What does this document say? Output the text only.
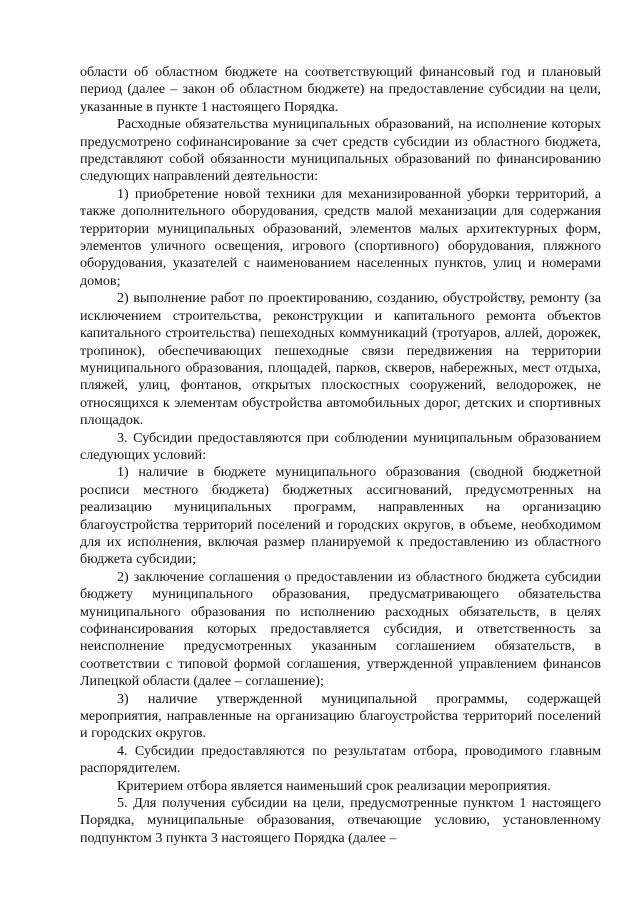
области об областном бюджете на соответствующий финансовый год и плановый период (далее – закон об областном бюджете) на предоставление субсидии на цели, указанные в пункте 1 настоящего Порядка.

Расходные обязательства муниципальных образований, на исполнение которых предусмотрено софинансирование за счет средств субсидии из областного бюджета, представляют собой обязанности муниципальных образований по финансированию следующих направлений деятельности:

1) приобретение новой техники для механизированной уборки территорий, а также дополнительного оборудования, средств малой механизации для содержания территории муниципальных образований, элементов малых архитектурных форм, элементов уличного освещения, игрового (спортивного) оборудования, пляжного оборудования, указателей с наименованием населенных пунктов, улиц и номерами домов;

2) выполнение работ по проектированию, созданию, обустройству, ремонту (за исключением строительства, реконструкции и капитального ремонта объектов капитального строительства) пешеходных коммуникаций (тротуаров, аллей, дорожек, тропинок), обеспечивающих пешеходные связи передвижения на территории муниципального образования, площадей, парков, скверов, набережных, мест отдыха, пляжей, улиц, фонтанов, открытых плоскостных сооружений, велодорожек, не относящихся к элементам обустройства автомобильных дорог, детских и спортивных площадок.

3. Субсидии предоставляются при соблюдении муниципальным образованием следующих условий:

1) наличие в бюджете муниципального образования (сводной бюджетной росписи местного бюджета) бюджетных ассигнований, предусмотренных на реализацию муниципальных программ, направленных на организацию благоустройства территорий поселений и городских округов, в объеме, необходимом для их исполнения, включая размер планируемой к предоставлению из областного бюджета субсидии;

2) заключение соглашения о предоставлении из областного бюджета субсидии бюджету муниципального образования, предусматривающего обязательства муниципального образования по исполнению расходных обязательств, в целях софинансирования которых предоставляется субсидия, и ответственность за неисполнение предусмотренных указанным соглашением обязательств, в соответствии с типовой формой соглашения, утвержденной управлением финансов Липецкой области (далее – соглашение);

3) наличие утвержденной муниципальной программы, содержащей мероприятия, направленные на организацию благоустройства территорий поселений и городских округов.

4. Субсидии предоставляются по результатам отбора, проводимого главным распорядителем.

Критерием отбора является наименьший срок реализации мероприятия.

5. Для получения субсидии на цели, предусмотренные пунктом 1 настоящего Порядка, муниципальные образования, отвечающие условию, установленному подпунктом 3 пункта 3 настоящего Порядка (далее –
